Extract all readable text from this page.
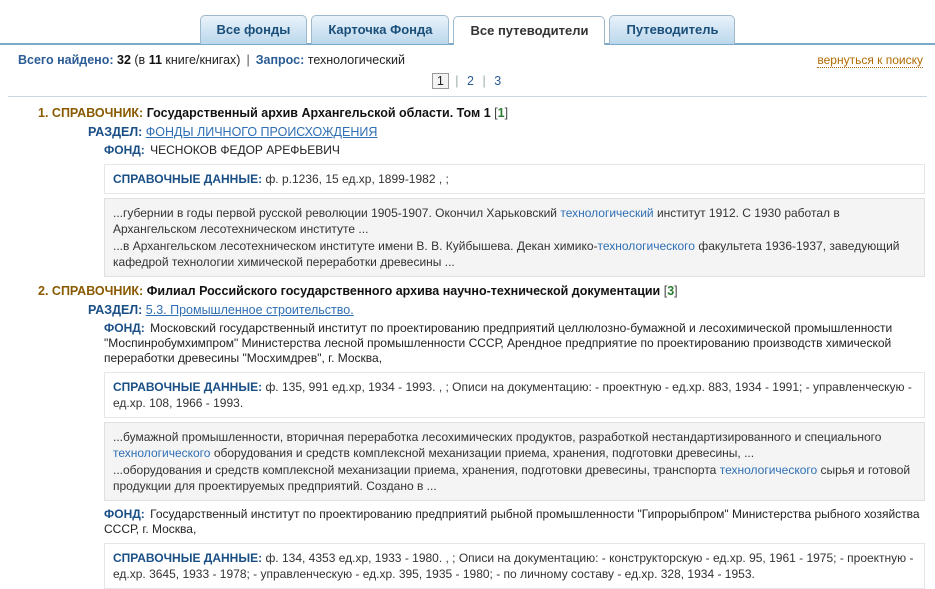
Все фонды	Карточка Фонда	Все путеводители	Путеводитель
Всего найдено:
32
(в
11
книге/книгах) | Запрос:
технологический	вернуться к поиску
1 | 2 | 3
1. СПРАВОЧНИК: Государственный архив Архангельской области. Том 1 [1]
РАЗДЕЛ: ФОНДЫ ЛИЧНОГО ПРОИСХОЖДЕНИЯ
ФОНД: ЧЕСНОКОВ ФЕДОР АРЕФЬЕВИЧ
СПРАВОЧНЫЕ ДАННЫЕ: ф. р.1236, 15 ед.хр, 1899-1982 , ;
...губернии в годы первой русской революции 1905-1907. Окончил Харьковский технологический институт 1912. С 1930 работал в Архангельском лесотехническом институте ...
...в Архангельском лесотехническом институте имени В. В. Куйбышева. Декан химико-технологического факультета 1936-1937, заведующий кафедрой технологии химической переработки древесины ...
2. СПРАВОЧНИК: Филиал Российского государственного архива научно-технической документации [3]
РАЗДЕЛ: 5.3. Промышленное строительство.
ФОНД: Московский государственный институт по проектированию предприятий целлюлозно-бумажной и лесохимической промышленности "Моспинробумхимпром" Министерства лесной промышленности СССР, Арендное предприятие по проектированию производств химической переработки древесины "Мосхимдрев", г. Москва,
СПРАВОЧНЫЕ ДАННЫЕ: ф. 135, 991 ед.хр, 1934 - 1993. , ; Описи на документацию: - проектную - ед.хр. 883, 1934 - 1991; - управленческую - ед.хр. 108, 1966 - 1993.
...бумажной промышленности, вторичная переработка лесохимических продуктов, разработкой нестандартизированного и специального технологического оборудования и средств комплексной механизации приема, хранения, подготовки древесины, ...
...оборудования и средств комплексной механизации приема, хранения, подготовки древесины, транспорта технологического сырья и готовой продукции для проектируемых предприятий. Создано в ...
ФОНД: Государственный институт по проектированию предприятий рыбной промышленности "Гипрорыбпром" Министерства рыбного хозяйства СССР, г. Москва,
СПРАВОЧНЫЕ ДАННЫЕ: ф. 134, 4353 ед.хр, 1933 - 1980. , ; Описи на документацию: - конструкторскую - ед.хр. 95, 1961 - 1975; - проектную - ед.хр. 3645, 1933 - 1978; - управленческую - ед.хр. 395, 1935 - 1980; - по личному составу - ед.хр. 328, 1934 - 1953.
